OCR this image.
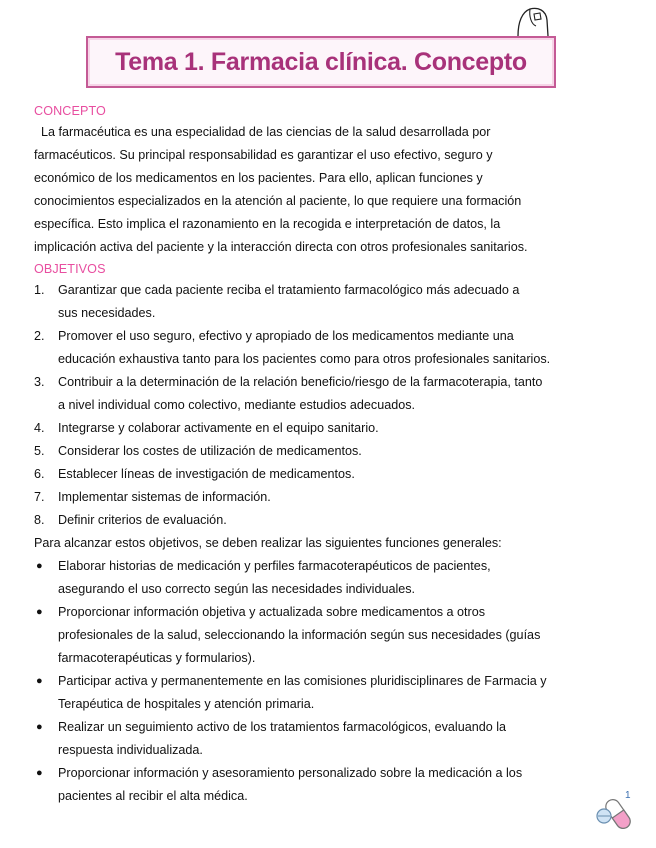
Tema 1. Farmacia clínica. Concepto
CONCEPTO

La farmacéutica es una especialidad de las ciencias de la salud desarrollada por
farmacéuticos. Su principal responsabilidad es garantizar el uso efectivo, seguro y
económico de los medicamentos en los pacientes. Para ello, aplican funciones y
conocimientos especializados en la atención al paciente, lo que requiere una formación
específica. Esto implica el razonamiento en la recogida e interpretación de datos, la
implicación activa del paciente y la interacción directa con otros profesionales sanitarios.

OBJETIVOS
1. Garantizar que cada paciente reciba el tratamiento farmacológico más adecuado a
sus necesidades.
2. Promover el uso seguro, efectivo y apropiado de los medicamentos mediante una
educación exhaustiva tanto para los pacientes como para otros profesionales sanitarios.
3. Contribuir a la determinación de la relación beneficio/riesgo de la farmacoterapia, tanto
a nivel individual como colectivo, mediante estudios adecuados.
4. Integrarse y colaborar activamente en el equipo sanitario.
5. Considerar los costes de utilización de medicamentos.
6. Establecer líneas de investigación de medicamentos.
7. Implementar sistemas de información.
8. Definir criterios de evaluación.

Para alcanzar estos objetivos, se deben realizar las siguientes funciones generales:

● Elaborar historias de medicación y perfiles farmacoterapéuticos de pacientes,
asegurando el uso correcto según las necesidades individuales.
● Proporcionar información objetiva y actualizada sobre medicamentos a otros
profesionales de la salud, seleccionando la información según sus necesidades (guías
farmacoterapéuticas y formularios).
● Participar activa y permanentemente en las comisiones pluridisciplinares de Farmacia y
Terapéutica de hospitales y atención primaria.
● Realizar un seguimiento activo de los tratamientos farmacológicos, evaluando la
respuesta individualizada.
● Proporcionar información y asesoramiento personalizado sobre la medicación a los
pacientes al recibir el alta médica.	1
